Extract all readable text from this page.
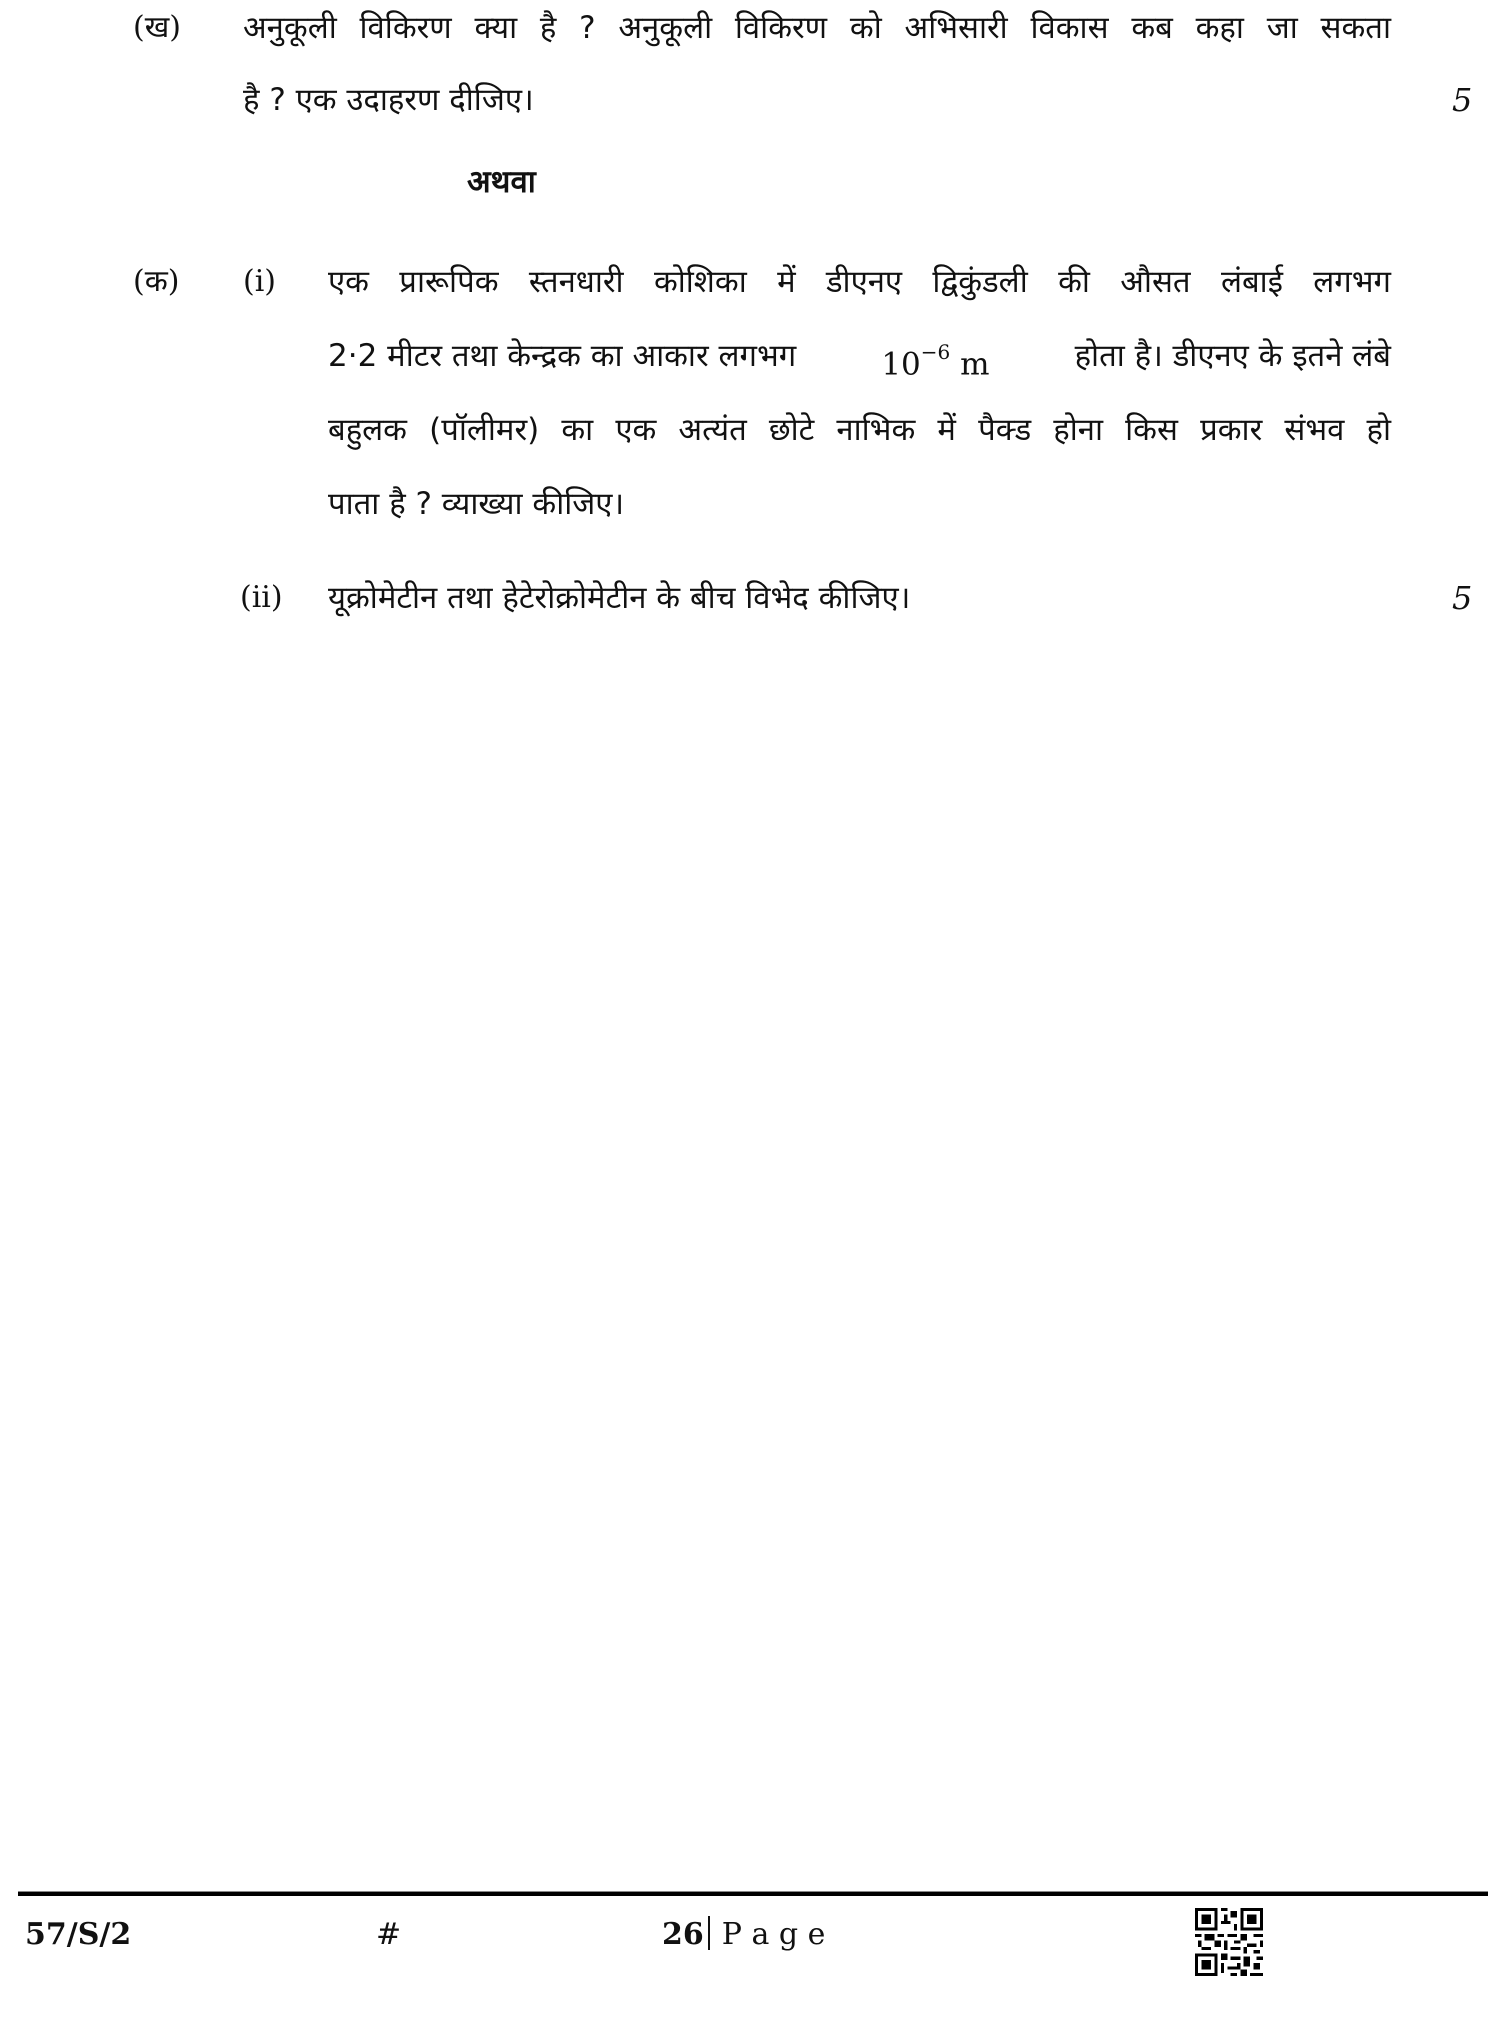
(ख) अनुकूली विकिरण क्या है ? अनुकूली विकिरण को अभिसारी विकास कब कहा जा सकता
है ? एक उदाहरण दीजिए।	5
अथवा
(क) (i) एक प्रारूपिक स्तनधारी कोशिका में डीएनए द्विकुंडली की औसत लंबाई लगभग
2·2 मीटर तथा केन्द्रक का आकार लगभग	$10^{-6}$ m	होता है। डीएनए के इतने लंबे
बहुलक (पॉलीमर) का एक अत्यंत छोटे नाभिक में पैक्ड होना किस प्रकार संभव हो
पाता है ? व्याख्या कीजिए।
(ii) यूक्रोमेटीन तथा हेटेरोक्रोमेटीन के बीच विभेद कीजिए।	5
57/S/2	#	26 P a g e
